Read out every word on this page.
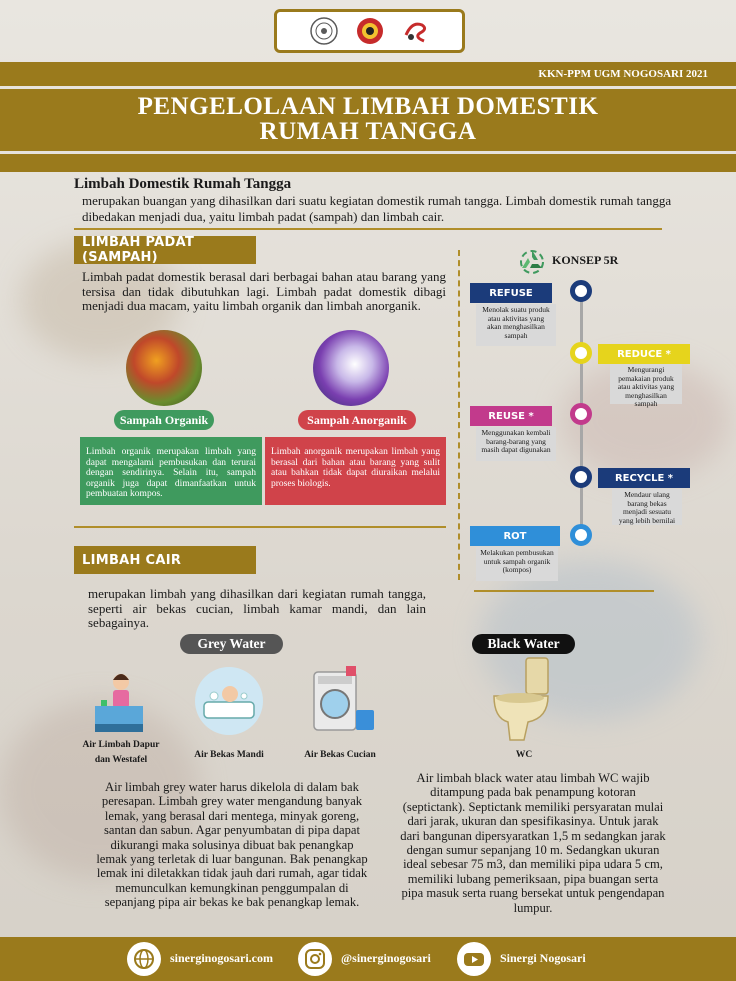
KKN-PPM UGM NOGOSARI 2021
PENGELOLAAN LIMBAH DOMESTIK
RUMAH TANGGA
Limbah Domestik Rumah Tangga
merupakan buangan yang dihasilkan dari suatu kegiatan domestik rumah tangga. Limbah domestik rumah tangga dibedakan menjadi dua, yaitu limbah padat (sampah) dan limbah cair.
LIMBAH PADAT (SAMPAH)
Limbah padat domestik berasal dari berbagai bahan atau barang yang tersisa dan tidak dibutuhkan lagi. Limbah padat domestik dibagi menjadi dua macam, yaitu limbah organik dan limbah anorganik.
Sampah Organik	Sampah Anorganik
Limbah organik merupakan limbah yang dapat mengalami pembusukan dan terurai dengan sendirinya. Selain itu, sampah organik juga dapat dimanfaatkan untuk pembuatan kompos.
Limbah anorganik merupakan limbah yang berasal dari bahan atau barang yang sulit atau bahkan tidak dapat diuraikan melalui proses biologis.
KONSEP 5R
REFUSE
Menolak suatu produk atau aktivitas yang akan menghasilkan sampah
REDUCE *
Mengurangi pemakaian produk atau aktivitas yang menghasilkan sampah
REUSE *
Menggunakan kembali barang-barang yang masih dapat digunakan
RECYCLE *
Mendaur ulang barang bekas menjadi sesuatu yang lebih bernilai
ROT
Melakukan pembusukan untuk sampah organik (kompos)
LIMBAH CAIR
merupakan limbah yang dihasilkan dari kegiatan rumah tangga, seperti air bekas cucian, limbah kamar mandi, dan lain sebagainya.
Grey Water	Black Water
Air Limbah Dapur
dan Westafel	Air Bekas Mandi	Air Bekas Cucian	WC
Air limbah grey water harus dikelola di dalam bak peresapan. Limbah grey water mengandung banyak lemak, yang berasal dari mentega, minyak goreng, santan dan sabun. Agar penyumbatan di pipa dapat dikurangi maka solusinya dibuat bak penangkap lemak yang terletak di luar bangunan. Bak penangkap lemak ini diletakkan tidak jauh dari rumah, agar tidak memunculkan kemungkinan penggumpalan di sepanjang pipa air bekas ke bak penangkap lemak.
Air limbah black water atau limbah WC wajib ditampung pada bak penampung kotoran (septictank). Septictank memiliki persyaratan mulai dari jarak, ukuran dan spesifikasinya. Untuk jarak dari bangunan dipersyaratkan 1,5 m sedangkan jarak dengan sumur sepanjang 10 m. Sedangkan ukuran ideal sebesar 75 m3, dan memiliki pipa udara 5 cm, memiliki lubang pemeriksaan, pipa buangan serta pipa masuk serta ruang bersekat untuk pengendapan lumpur.
sinerginogosari.com	@sinerginogosari	Sinergi Nogosari
